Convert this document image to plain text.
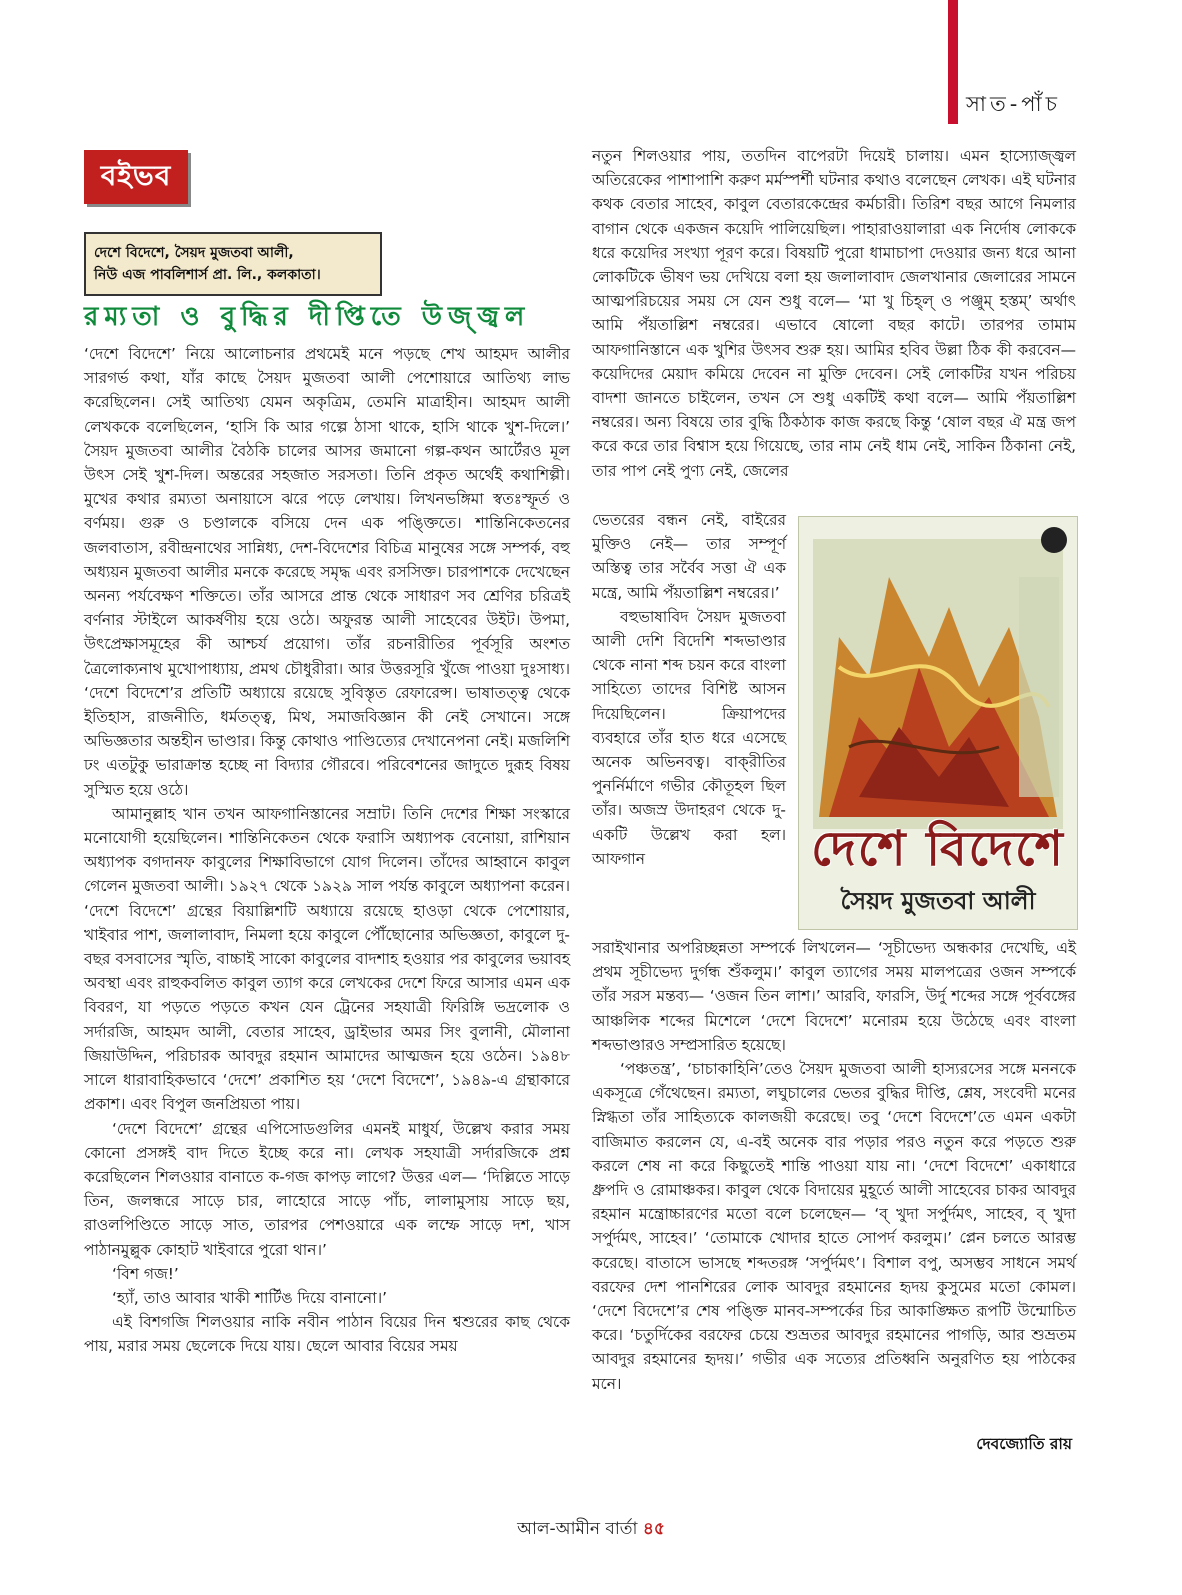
সাত-পাঁচ
বইভব
দেশে বিদেশে, সৈয়দ মুজতবা আলী,
নিউ এজ পাবলিশার্স প্রা. লি., কলকাতা।
রম্যতা ও বুদ্ধির দীপ্তিতে উজ্জ্বল

‘দেশে বিদেশে’ নিয়ে আলোচনার প্রথমেই মনে পড়ছে শেখ আহমদ আলীর সারগর্ভ কথা, যাঁর কাছে সৈয়দ মুজতবা আলী পেশোয়ারে আতিথ্য লাভ করেছিলেন। সেই আতিথ্য যেমন অকৃত্রিম, তেমনি মাত্রাহীন। আহমদ আলী লেখককে বলেছিলেন, ‘হাসি কি আর গল্পে ঠাসা থাকে, হাসি থাকে খুশ-দিলে।’ সৈয়দ মুজতবা আলীর বৈঠকি চালের আসর জমানো গল্প-কথন আর্টেরও মূল উৎস সেই খুশ-দিল। অন্তরের সহজাত সরসতা। তিনি প্রকৃত অর্থেই কথাশিল্পী। মুখের কথার রম্যতা অনায়াসে ঝরে পড়ে লেখায়। লিখনভঙ্গিমা স্বতঃস্ফূর্ত ও বর্ণময়। গুরু ও চণ্ডালকে বসিয়ে দেন এক পঙ্ক্তিতে। শান্তিনিকেতনের জলবাতাস, রবীন্দ্রনাথের সান্নিধ্য, দেশ-বিদেশের বিচিত্র মানুষের সঙ্গে সম্পর্ক, বহু অধ্যয়ন মুজতবা আলীর মনকে করেছে সমৃদ্ধ এবং রসসিক্ত। চারপাশকে দেখেছেন অনন্য পর্যবেক্ষণ শক্তিতে। তাঁর আসরে প্রান্ত থেকে সাধারণ সব শ্রেণির চরিত্রই বর্ণনার স্টাইলে আকর্ষণীয় হয়ে ওঠে। অফুরন্ত আলী সাহেবের উইট। উপমা, উৎপ্রেক্ষাসমূহের কী আশ্চর্য প্রয়োগ। তাঁর রচনারীতির পূর্বসূরি অংশত ত্রৈলোক্যনাথ মুখোপাধ্যায়, প্রমথ চৌধুরীরা। আর উত্তরসূরি খুঁজে পাওয়া দুঃসাধ্য। ‘দেশে বিদেশে’র প্রতিটি অধ্যায়ে রয়েছে সুবিস্তৃত রেফারেন্স। ভাষাতত্ত্ব থেকে ইতিহাস, রাজনীতি, ধর্মতত্ত্ব, মিথ, সমাজবিজ্ঞান কী নেই সেখানে। সঙ্গে অভিজ্ঞতার অন্তহীন ভাণ্ডার। কিন্তু কোথাও পাণ্ডিত্যের দেখানেপনা নেই। মজলিশি ঢং এতটুকু ভারাক্রান্ত হচ্ছে না বিদ্যার গৌরবে। পরিবেশনের জাদুতে দুরূহ বিষয় সুস্মিত হয়ে ওঠে।

আমানুল্লাহ খান তখন আফগানিস্তানের সম্রাট। তিনি দেশের শিক্ষা সংস্কারে মনোযোগী হয়েছিলেন। শান্তিনিকেতন থেকে ফরাসি অধ্যাপক বেনোয়া, রাশিয়ান অধ্যাপক বগদানফ কাবুলের শিক্ষাবিভাগে যোগ দিলেন। তাঁদের আহ্বানে কাবুল গেলেন মুজতবা আলী। ১৯২৭ থেকে ১৯২৯ সাল পর্যন্ত কাবুলে অধ্যাপনা করেন। ‘দেশে বিদেশে’ গ্রন্থের বিয়াল্লিশটি অধ্যায়ে রয়েছে হাওড়া থেকে পেশোয়ার, খাইবার পাশ, জলালাবাদ, নিমলা হয়ে কাবুলে পৌঁছোনোর অভিজ্ঞতা, কাবুলে দু-বছর বসবাসের স্মৃতি, বাচ্চাই সাকো কাবুলের বাদশাহ হওয়ার পর কাবুলের ভয়াবহ অবস্থা এবং রাহুকবলিত কাবুল ত্যাগ করে লেখকের দেশে ফিরে আসার এমন এক বিবরণ, যা পড়তে পড়তে কখন যেন ট্রেনের সহযাত্রী ফিরিঙ্গি ভদ্রলোক ও সর্দারজি, আহমদ আলী, বেতার সাহেব, ড্রাইভার অমর সিং বুলানী, মৌলানা জিয়াউদ্দিন, পরিচারক আবদুর রহমান আমাদের আত্মজন হয়ে ওঠেন। ১৯৪৮ সালে ধারাবাহিকভাবে ‘দেশে’ প্রকাশিত হয় ‘দেশে বিদেশে’, ১৯৪৯-এ গ্রন্থাকারে প্রকাশ। এবং বিপুল জনপ্রিয়তা পায়।

‘দেশে বিদেশে’ গ্রন্থের এপিসোডগুলির এমনই মাধুর্য, উল্লেখ করার সময় কোনো প্রসঙ্গই বাদ দিতে ইচ্ছে করে না। লেখক সহযাত্রী সর্দারজিকে প্রশ্ন করেছিলেন শিলওয়ার বানাতে ক-গজ কাপড় লাগে? উত্তর এল— ‘দিল্লিতে সাড়ে তিন, জলন্ধরে সাড়ে চার, লাহোরে সাড়ে পাঁচ, লালামুসায় সাড়ে ছয়, রাওলপিণ্ডিতে সাড়ে সাত, তারপর পেশওয়ারে এক লম্ফে সাড়ে দশ, খাস পাঠানমুল্লুক কোহাট খাইবারে পুরো থান।’

‘বিশ গজ!’

‘হ্যাঁ, তাও আবার খাকী শার্টিঙ দিয়ে বানানো।’

এই বিশগজি শিলওয়ার নাকি নবীন পাঠান বিয়ের দিন শ্বশুরের কাছ থেকে পায়, মরার সময় ছেলেকে দিয়ে যায়। ছেলে আবার বিয়ের সময়

নতুন শিলওয়ার পায়, ততদিন বাপেরটা দিয়েই চালায়। এমন হাস্যোজ্জ্বল অতিরেকের পাশাপাশি করুণ মর্মস্পর্শী ঘটনার কথাও বলেছেন লেখক। এই ঘটনার কথক বেতার সাহেব, কাবুল বেতারকেন্দ্রের কর্মচারী। তিরিশ বছর আগে নিমলার বাগান থেকে একজন কয়েদি পালিয়েছিল। পাহারাওয়ালারা এক নির্দোষ লোককে ধরে কয়েদির সংখ্যা পূরণ করে। বিষয়টি পুরো ধামাচাপা দেওয়ার জন্য ধরে আনা লোকটিকে ভীষণ ভয় দেখিয়ে বলা হয় জলালাবাদ জেলখানার জেলারের সামনে আত্মপরিচয়ের সময় সে যেন শুধু বলে— ‘মা খু চিহ্ল্ ও পঞ্জুম্ হস্তম্’ অর্থাৎ আমি পঁয়তাল্লিশ নম্বরের। এভাবে ষোলো বছর কাটে। তারপর তামাম আফগানিস্তানে এক খুশির উৎসব শুরু হয়। আমির হবিব উল্লা ঠিক কী করবেন— কয়েদিদের মেয়াদ কমিয়ে দেবেন না মুক্তি দেবেন। সেই লোকটির যখন পরিচয় বাদশা জানতে চাইলেন, তখন সে শুধু একটিই কথা বলে— আমি পঁয়তাল্লিশ নম্বরের। অন্য বিষয়ে তার বুদ্ধি ঠিকঠাক কাজ করছে কিন্তু ‘ষোল বছর ঐ মন্ত্র জপ করে করে তার বিশ্বাস হয়ে গিয়েছে, তার নাম নেই ধাম নেই, সাকিন ঠিকানা নেই, তার পাপ নেই পুণ্য নেই, জেলের

ভেতরের বন্ধন নেই, বাইরের মুক্তিও নেই— তার সম্পূর্ণ অস্তিত্ব তার সর্বৈব সত্তা ঐ এক মন্ত্রে, আমি পঁয়তাল্লিশ নম্বরের।’

বহুভাষাবিদ সৈয়দ মুজতবা আলী দেশি বিদেশি শব্দভাণ্ডার থেকে নানা শব্দ চয়ন করে বাংলা সাহিত্যে তাদের বিশিষ্ট আসন দিয়েছিলেন। ক্রিয়াপদের ব্যবহারে তাঁর হাত ধরে এসেছে অনেক অভিনবত্ব। বাক্‌রীতির পুনর্নির্মাণে গভীর কৌতূহল ছিল তাঁর। অজস্র উদাহরণ থেকে দু-একটি উল্লেখ করা হল। আফগান	দেশে বিদেশে
সৈয়দ মুজতবা আলী

সরাইখানার অপরিচ্ছন্নতা সম্পর্কে লিখলেন— ‘সূচীভেদ্য অন্ধকার দেখেছি, এই প্রথম সূচীভেদ্য দুর্গন্ধ শুঁকলুম।’ কাবুল ত্যাগের সময় মালপত্রের ওজন সম্পর্কে তাঁর সরস মন্তব্য— ‘ওজন তিন লাশ।’ আরবি, ফারসি, উর্দু শব্দের সঙ্গে পূর্ববঙ্গের আঞ্চলিক শব্দের মিশেলে ‘দেশে বিদেশে’ মনোরম হয়ে উঠেছে এবং বাংলা শব্দভাণ্ডারও সম্প্রসারিত হয়েছে।

‘পঞ্চতন্ত্র’, ‘চাচাকাহিনি’তেও সৈয়দ মুজতবা আলী হাস্যরসের সঙ্গে মননকে একসূত্রে গেঁথেছেন। রম্যতা, লঘুচালের ভেতর বুদ্ধির দীপ্তি, শ্লেষ, সংবেদী মনের স্নিগ্ধতা তাঁর সাহিত্যকে কালজয়ী করেছে। তবু ‘দেশে বিদেশে’তে এমন একটা বাজিমাত করলেন যে, এ-বই অনেক বার পড়ার পরও নতুন করে পড়তে শুরু করলে শেষ না করে কিছুতেই শান্তি পাওয়া যায় না। ‘দেশে বিদেশে’ একাধারে ধ্রুপদি ও রোমাঞ্চকর। কাবুল থেকে বিদায়ের মুহূর্তে আলী সাহেবের চাকর আবদুর রহমান মন্ত্রোচ্চারণের মতো বলে চলেছেন— ‘ব্ খুদা সর্পুর্দমৎ, সাহেব, ব্ খুদা সর্পুর্দমৎ, সাহেব।’ ‘তোমাকে খোদার হাতে সোপর্দ করলুম।’ প্লেন চলতে আরম্ভ করেছে। বাতাসে ভাসছে শব্দতরঙ্গ ‘সর্পুর্দমৎ’। বিশাল বপু, অসম্ভব সাধনে সমর্থ বরফের দেশ পানশিরের লোক আবদুর রহমানের হৃদয় কুসুমের মতো কোমল। ‘দেশে বিদেশে’র শেষ পঙ্ক্তি মানব-সম্পর্কের চির আকাঙ্ক্ষিত রূপটি উন্মোচিত করে। ‘চতুর্দিকের বরফের চেয়ে শুভ্রতর আবদুর রহমানের পাগড়ি, আর শুভ্রতম আবদুর রহমানের হৃদয়।’ গভীর এক সত্যের প্রতিধ্বনি অনুরণিত হয় পাঠকের মনে।

দেবজ্যোতি রায়
আল-আমীন বার্তা ৪৫
